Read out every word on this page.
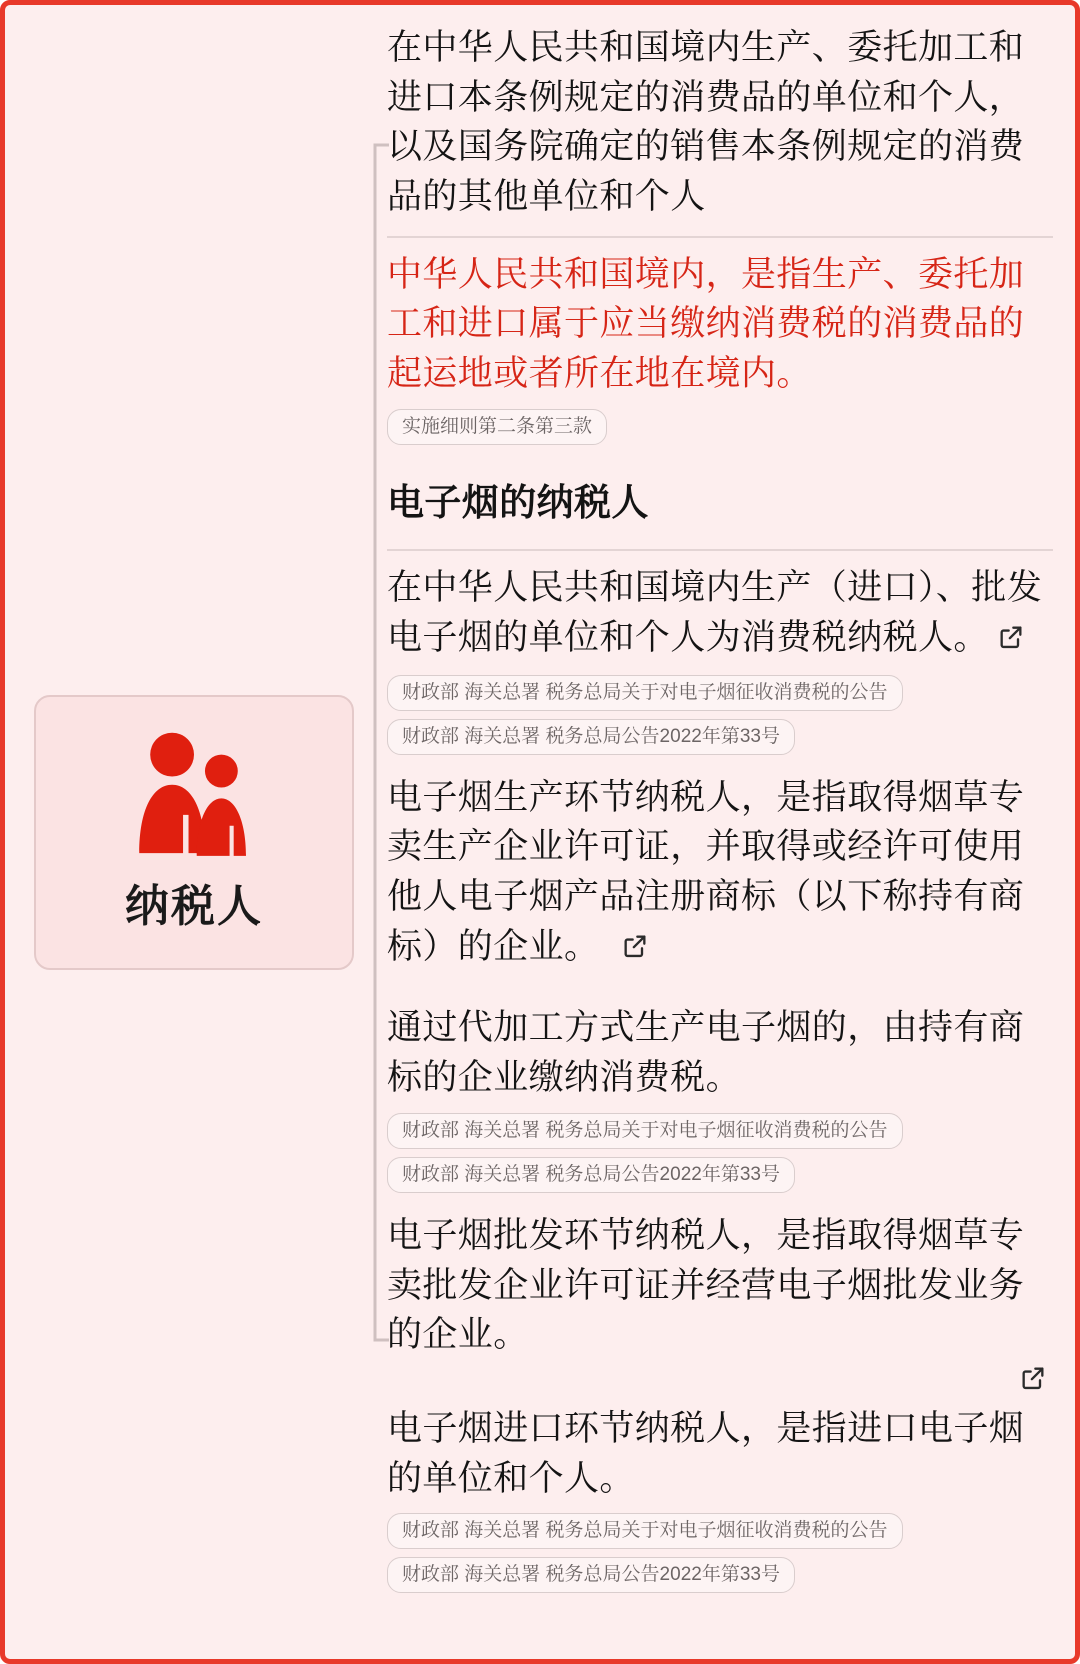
纳税人
在中华人民共和国境内生产、委托加工和进口本条例规定的消费品的单位和个人，以及国务院确定的销售本条例规定的消费品的其他单位和个人
中华人民共和国境内，是指生产、委托加工和进口属于应当缴纳消费税的消费品的起运地或者所在地在境内。
实施细则第二条第三款
电子烟的纳税人
在中华人民共和国境内生产（进口）、批发电子烟的单位和个人为消费税纳税人。
财政部 海关总署 税务总局关于对电子烟征收消费税的公告
财政部 海关总署 税务总局公告2022年第33号
电子烟生产环节纳税人，是指取得烟草专卖生产企业许可证，并取得或经许可使用他人电子烟产品注册商标（以下称持有商标）的企业。
通过代加工方式生产电子烟的，由持有商标的企业缴纳消费税。
财政部 海关总署 税务总局关于对电子烟征收消费税的公告
财政部 海关总署 税务总局公告2022年第33号
电子烟批发环节纳税人，是指取得烟草专卖批发企业许可证并经营电子烟批发业务的企业。
电子烟进口环节纳税人，是指进口电子烟的单位和个人。
财政部 海关总署 税务总局关于对电子烟征收消费税的公告
财政部 海关总署 税务总局公告2022年第33号
